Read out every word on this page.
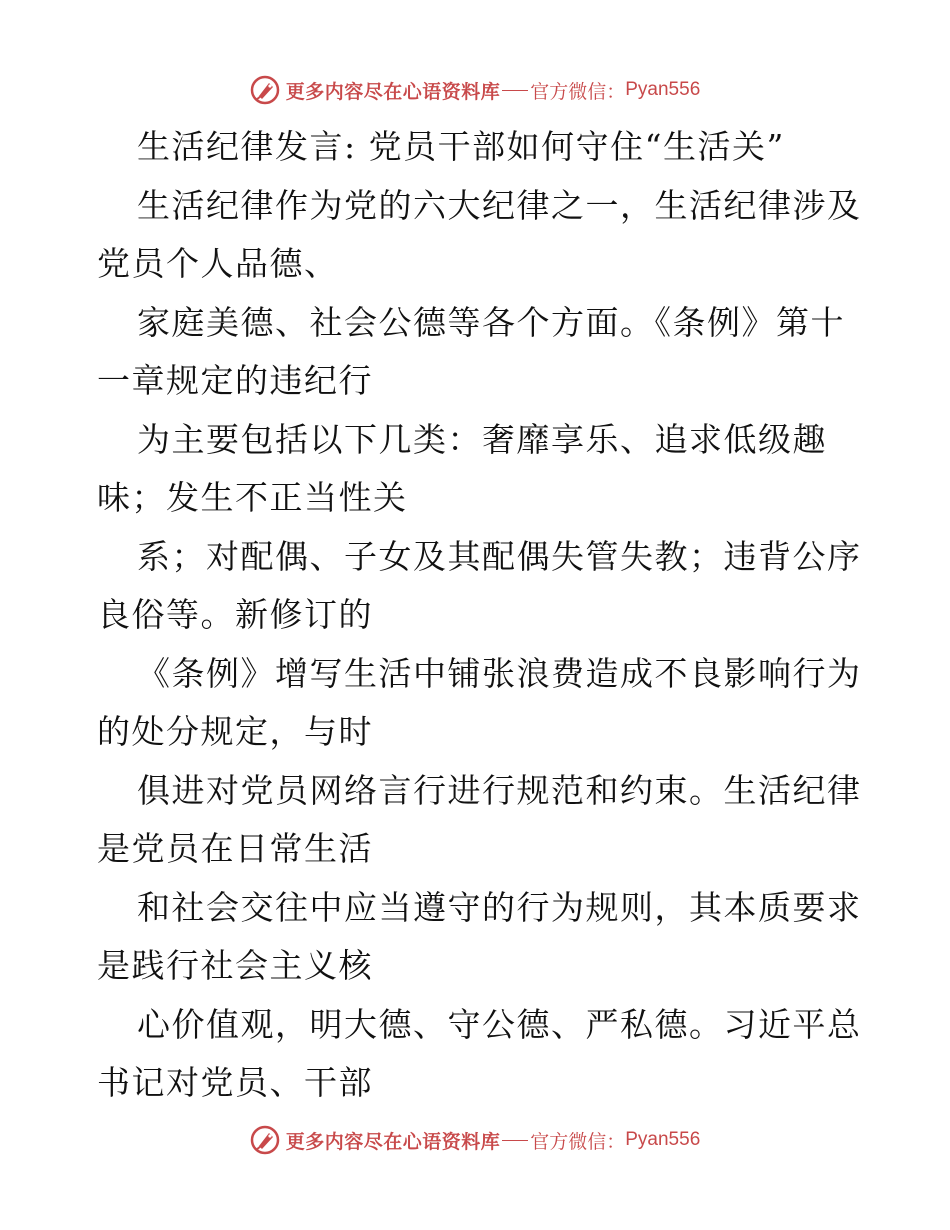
更多内容尽在心语资料库 官方微信： Pyan556
生活纪律发言: 党员干部如何守住“生活关”
生活纪律作为党的六大纪律之一，生活纪律涉及
党员个人品德、
家庭美德、社会公德等各个方面。《条例》第十
一章规定的违纪行
为主要包括以下几类：奢靡享乐、追求低级趣
味；发生不正当性关
系；对配偶、子女及其配偶失管失教；违背公序
良俗等。新修订的
《条例》增写生活中铺张浪费造成不良影响行为
的处分规定，与时
俱进对党员网络言行进行规范和约束。生活纪律
是党员在日常生活
和社会交往中应当遵守的行为规则，其本质要求
是践行社会主义核
心价值观，明大德、守公德、严私德。习近平总
书记对党员、干部
更多内容尽在心语资料库 官方微信： Pyan556
